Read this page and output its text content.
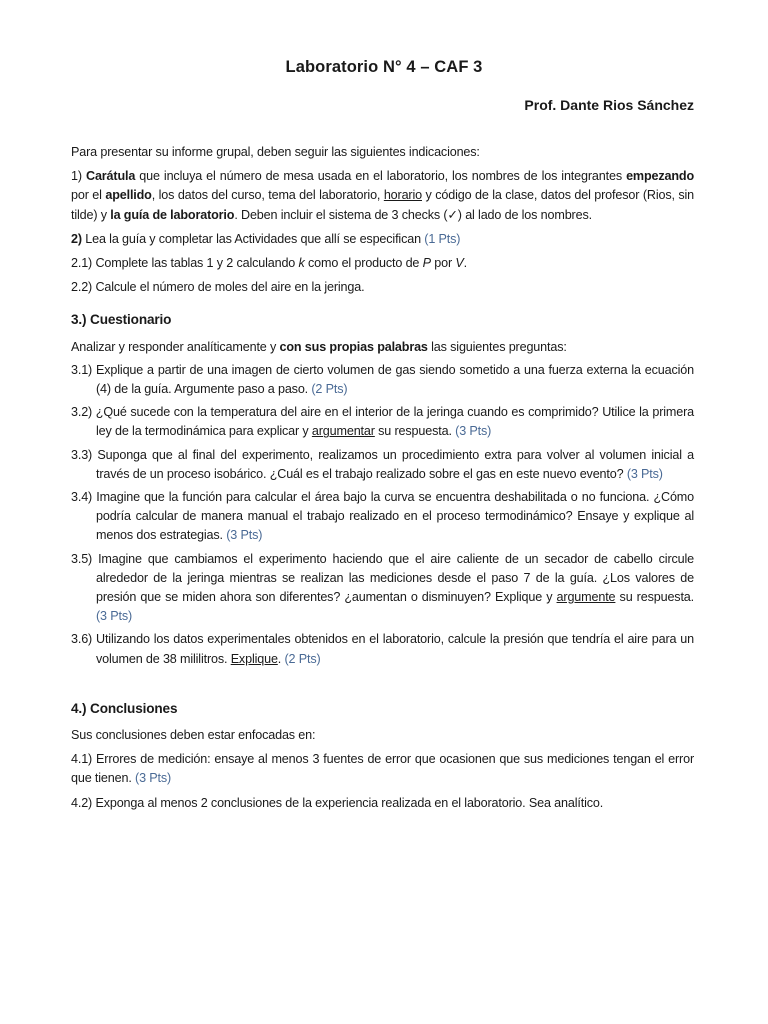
Laboratorio N° 4 – CAF 3
Prof. Dante Rios Sánchez

Para presentar su informe grupal, deben seguir las siguientes indicaciones:

1) Carátula que incluya el número de mesa usada en el laboratorio, los nombres de los integrantes empezando por el apellido, los datos del curso, tema del laboratorio, horario y código de la clase, datos del profesor (Rios, sin tilde) y la guía de laboratorio. Deben incluir el sistema de 3 checks (✓) al lado de los nombres.

2) Lea la guía y completar las Actividades que allí se especifican (1 Pts)

2.1) Complete las tablas 1 y 2 calculando k como el producto de P por V.

2.2) Calcule el número de moles del aire en la jeringa.

3.) Cuestionario

Analizar y responder analíticamente y con sus propias palabras las siguientes preguntas:

3.1) Explique a partir de una imagen de cierto volumen de gas siendo sometido a una fuerza externa la ecuación (4) de la guía. Argumente paso a paso. (2 Pts)

3.2) ¿Qué sucede con la temperatura del aire en el interior de la jeringa cuando es comprimido? Utilice la primera ley de la termodinámica para explicar y argumentar su respuesta. (3 Pts)

3.3) Suponga que al final del experimento, realizamos un procedimiento extra para volver al volumen inicial a través de un proceso isobárico. ¿Cuál es el trabajo realizado sobre el gas en este nuevo evento? (3 Pts)

3.4) Imagine que la función para calcular el área bajo la curva se encuentra deshabilitada o no funciona. ¿Cómo podría calcular de manera manual el trabajo realizado en el proceso termodinámico? Ensaye y explique al menos dos estrategias. (3 Pts)

3.5) Imagine que cambiamos el experimento haciendo que el aire caliente de un secador de cabello circule alrededor de la jeringa mientras se realizan las mediciones desde el paso 7 de la guía. ¿Los valores de presión que se miden ahora son diferentes? ¿aumentan o disminuyen? Explique y argumente su respuesta. (3 Pts)

3.6) Utilizando los datos experimentales obtenidos en el laboratorio, calcule la presión que tendría el aire para un volumen de 38 mililitros. Explique. (2 Pts)

4.) Conclusiones

Sus conclusiones deben estar enfocadas en:

4.1) Errores de medición: ensaye al menos 3 fuentes de error que ocasionen que sus mediciones tengan el error que tienen. (3 Pts)

4.2) Exponga al menos 2 conclusiones de la experiencia realizada en el laboratorio. Sea analítico.
